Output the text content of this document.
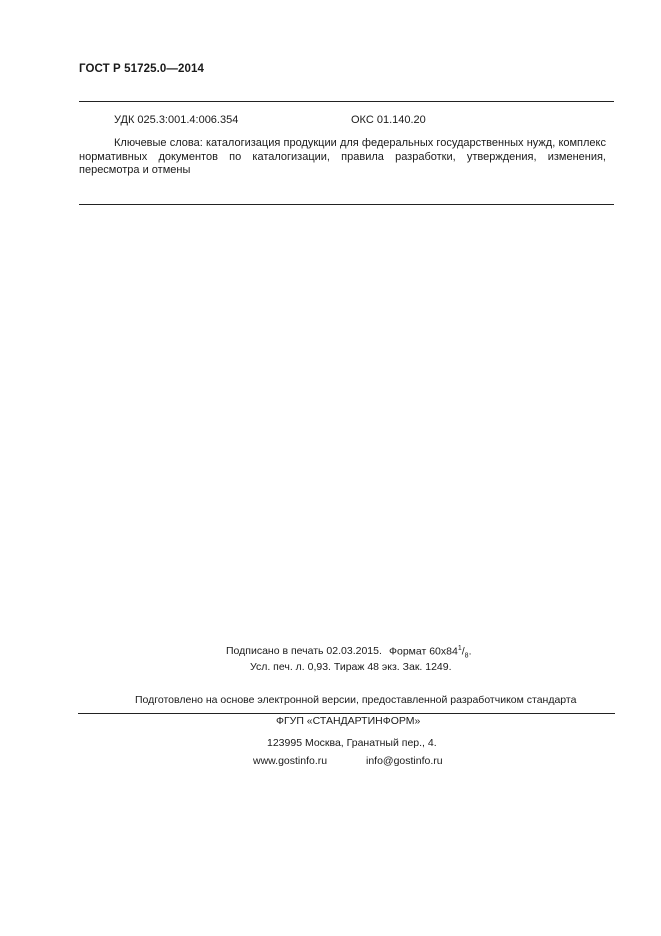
ГОСТ Р 51725.0—2014
УДК 025.3:001.4:006.354	ОКС 01.140.20
Ключевые слова: каталогизация продукции для федеральных государственных нужд, комплекс нормативных документов по каталогизации, правила разработки, утверждения, изменения, пересмотра и отмены
Подписано в печать 02.03.2015. Формат $60x84^1/_8$.
Усл. печ. л. 0,93. Тираж 48 экз. Зак. 1249.
Подготовлено на основе электронной версии, предоставленной разработчиком стандарта
ФГУП «СТАНДАРТИНФОРМ»
123995 Москва, Гранатный пер., 4.
www.gostinfo.ru	info@gostinfo.ru
